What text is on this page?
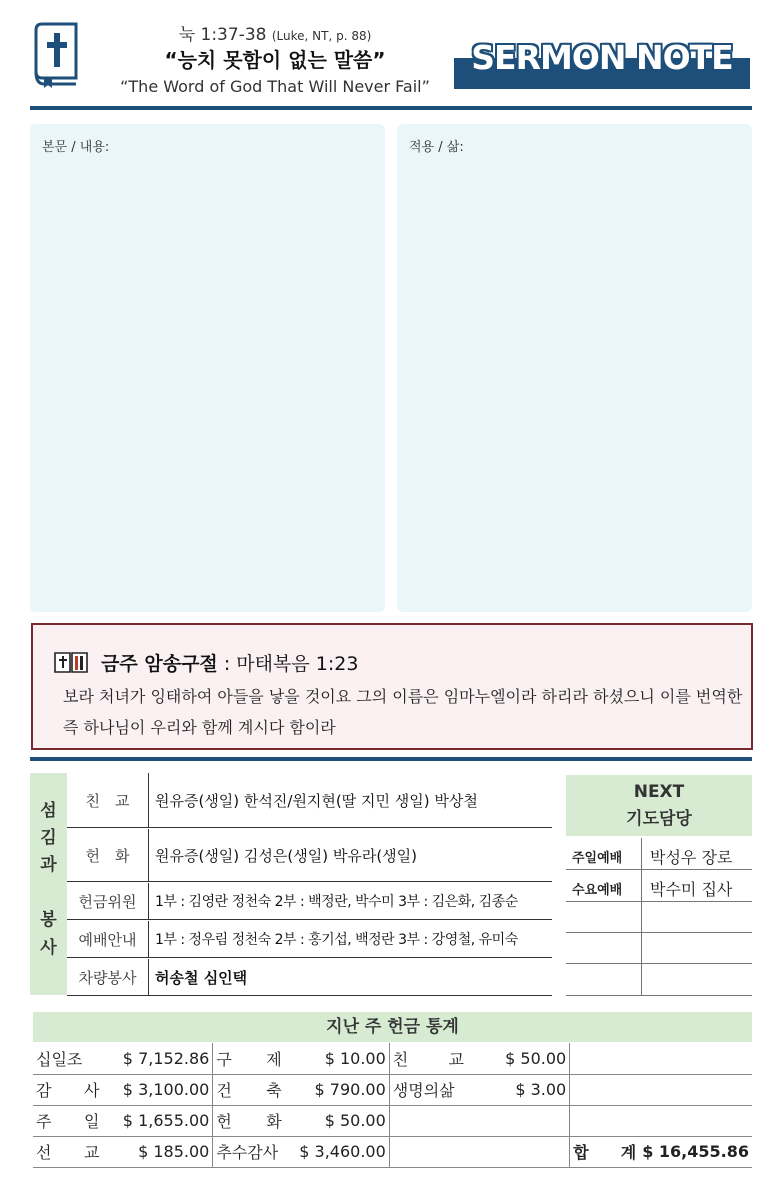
눅 1:37-38 (Luke, NT, p. 88)
“능치 못함이 없는 말씀”
“The Word of God That Will Never Fail”
SERMON NOTE
본문 / 내용:	적용 / 삶:
금주 암송구절 : 마태복음 1:23
보라 처녀가 잉태하여 아들을 낳을 것이요 그의 이름은 임마누엘이라 하리라 하셨으니 이를 번역한즉 하나님이 우리와 함께 계시다 함이라
섬
김
과
봉
사
친　교	원유증(생일) 한석진/원지현(딸 지민 생일) 박상철
헌　화	원유증(생일) 김성은(생일) 박유라(생일)
헌금위원	1부 : 김영란 정천숙 2부 : 백정란, 박수미 3부 : 김은화, 김종순
예배안내	1부 : 정우림 정천숙 2부 : 홍기섭, 백정란 3부 : 강영철, 유미숙
차량봉사	허송철 심인택
NEXT
기도담당
주일예배	박성우 장로
수요예배	박수미 집사
지난 주 헌금 통계
십일조	$ 7,152.86	구　제	$ 10.00	친　교	$ 50.00		
감　사	$ 3,100.00	건　축	$ 790.00	생명의삶	$ 3.00		
주　일	$ 1,655.00	헌　화	$ 50.00				
선　교	$ 185.00	추수감사	$ 3,460.00			합　계	$ 16,455.86
